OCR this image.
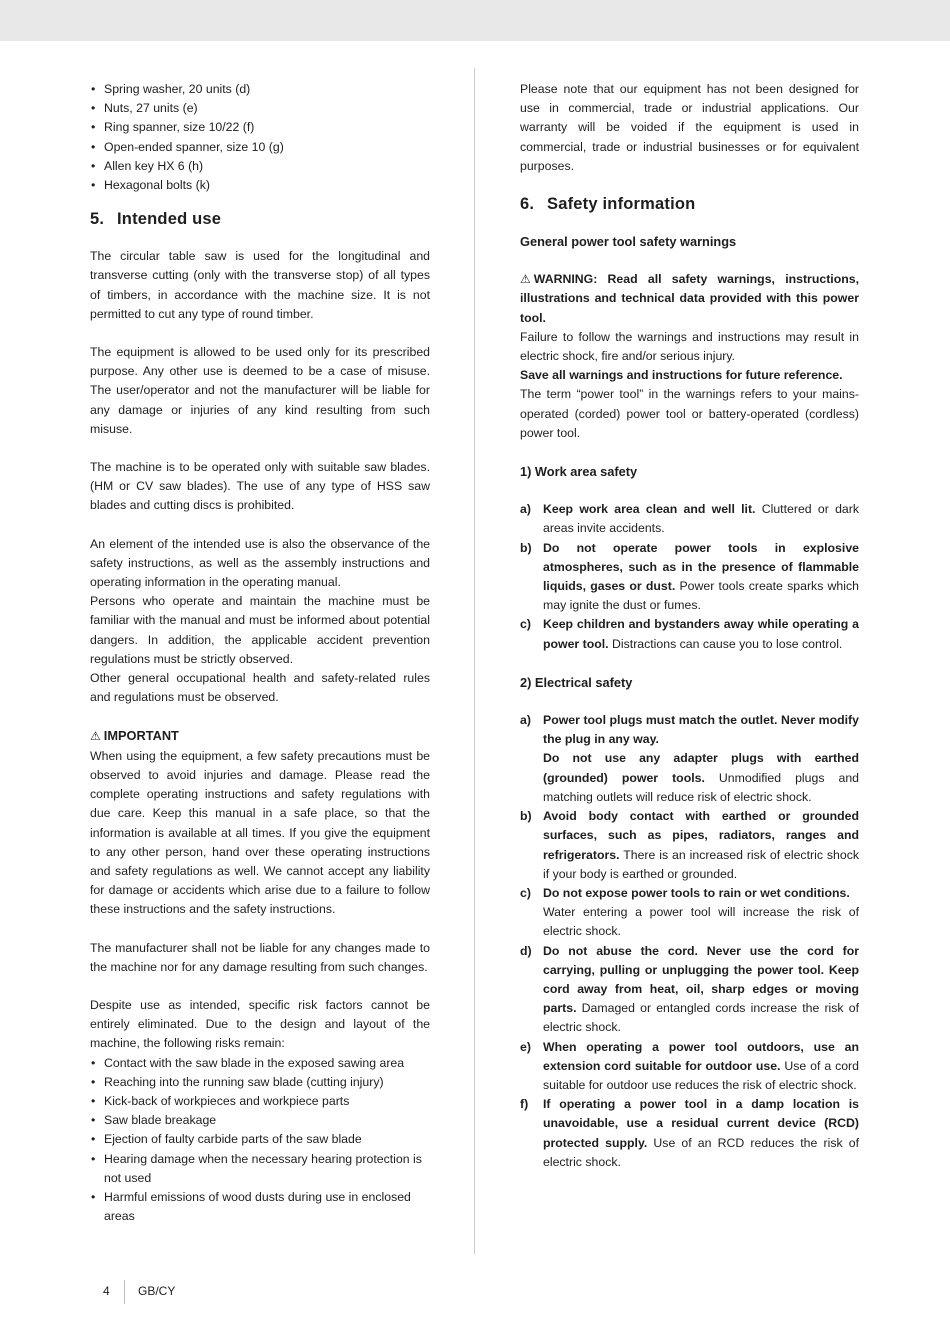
• Spring washer, 20 units (d)
• Nuts, 27 units (e)
• Ring spanner, size 10/22 (f)
• Open-ended spanner, size 10 (g)
• Allen key HX 6 (h)
• Hexagonal bolts (k)
5. Intended use

The circular table saw is used for the longitudinal and transverse cutting (only with the transverse stop) of all types of timbers, in accordance with the machine size. It is not permitted to cut any type of round timber.

The equipment is allowed to be used only for its prescribed purpose. Any other use is deemed to be a case of misuse. The user/operator and not the manufacturer will be liable for any damage or injuries of any kind resulting from such misuse.

The machine is to be operated only with suitable saw blades. (HM or CV saw blades). The use of any type of HSS saw blades and cutting discs is prohibited.

An element of the intended use is also the observance of the safety instructions, as well as the assembly instructions and operating information in the operating manual.

Persons who operate and maintain the machine must be familiar with the manual and must be informed about potential dangers. In addition, the applicable accident prevention regulations must be strictly observed.

Other general occupational health and safety-related rules and regulations must be observed.

⚠ IMPORTANT

When using the equipment, a few safety precautions must be observed to avoid injuries and damage. Please read the complete operating instructions and safety regulations with due care. Keep this manual in a safe place, so that the information is available at all times. If you give the equipment to any other person, hand over these operating instructions and safety regulations as well. We cannot accept any liability for damage or accidents which arise due to a failure to follow these instructions and the safety instructions.

The manufacturer shall not be liable for any changes made to the machine nor for any damage resulting from such changes.

Despite use as intended, specific risk factors cannot be entirely eliminated. Due to the design and layout of the machine, the following risks remain:

• Contact with the saw blade in the exposed sawing area
• Reaching into the running saw blade (cutting injury)
• Kick-back of workpieces and workpiece parts
• Saw blade breakage
• Ejection of faulty carbide parts of the saw blade
• Hearing damage when the necessary hearing protection is not used
• Harmful emissions of wood dusts during use in enclosed areas

Please note that our equipment has not been designed for use in commercial, trade or industrial applications. Our warranty will be voided if the equipment is used in commercial, trade or industrial businesses or for equivalent purposes.

6. Safety information
General power tool safety warnings

⚠ WARNING: Read all safety warnings, instructions, illustrations and technical data provided with this power tool.

Failure to follow the warnings and instructions may result in electric shock, fire and/or serious injury.

Save all warnings and instructions for future reference.

The term “power tool” in the warnings refers to your mains-operated (corded) power tool or battery-operated (cordless) power tool.

1) Work area safety
a) Keep work area clean and well lit. Cluttered or dark areas invite accidents.
b) Do not operate power tools in explosive atmospheres, such as in the presence of flammable liquids, gases or dust. Power tools create sparks which may ignite the dust or fumes.
c) Keep children and bystanders away while operating a power tool. Distractions can cause you to lose control.
2) Electrical safety
a) Power tool plugs must match the outlet. Never modify the plug in any way.
Do not use any adapter plugs with earthed (grounded) power tools. Unmodified plugs and matching outlets will reduce risk of electric shock.
b) Avoid body contact with earthed or grounded surfaces, such as pipes, radiators, ranges and refrigerators. There is an increased risk of electric shock if your body is earthed or grounded.
c) Do not expose power tools to rain or wet conditions.
Water entering a power tool will increase the risk of electric shock.
d) Do not abuse the cord. Never use the cord for carrying, pulling or unplugging the power tool. Keep cord away from heat, oil, sharp edges or moving parts. Damaged or entangled cords increase the risk of electric shock.
e) When operating a power tool outdoors, use an extension cord suitable for outdoor use. Use of a cord suitable for outdoor use reduces the risk of electric shock.
f) If operating a power tool in a damp location is unavoidable, use a residual current device (RCD) protected supply. Use of an RCD reduces the risk of electric shock.
4 GB/CY
